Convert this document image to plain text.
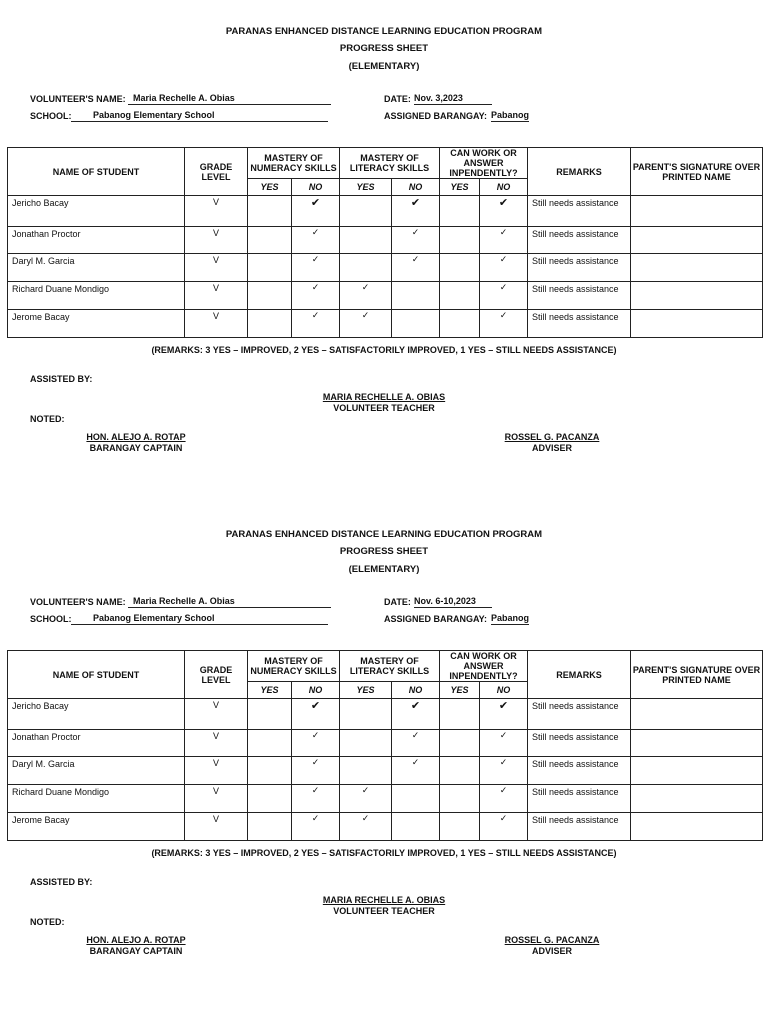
PARANAS ENHANCED DISTANCE LEARNING EDUCATION PROGRAM
PROGRESS SHEET
(ELEMENTARY)
VOLUNTEER'S NAME: Maria Rechelle A. Obias
SCHOOL:	Pabanog Elementary School
DATE: Nov. 3,2023
ASSIGNED BARANGAY: Pabanog
NAME OF STUDENT	GRADE LEVEL	MASTERY OF NUMERACY SKILLS		MASTERY OF LITERACY SKILLS		CAN WORK OR ANSWER INPENDENTLY?		REMARKS	PARENT'S SIGNATURE OVER PRINTED NAME
		YES	NO	YES	NO	YES	NO		
Jericho Bacay	V		✔		✔		✔	Still needs assistance	
Jonathan Proctor	V		✓		✓		✓	Still needs assistance	
Daryl M. Garcia	V		✓		✓		✓	Still needs assistance	
Richard Duane Mondigo	V		✓	✓			✓	Still needs assistance	
Jerome Bacay	V		✓	✓			✓	Still needs assistance	
(REMARKS: 3 YES – IMPROVED, 2 YES – SATISFACTORILY IMPROVED, 1 YES – STILL NEEDS ASSISTANCE)
ASSISTED BY:
MARIA RECHELLE A. OBIAS
VOLUNTEER TEACHER
NOTED:
HON. ALEJO A. ROTAP
BARANGAY CAPTAIN
ROSSEL G. PACANZA
ADVISER
PARANAS ENHANCED DISTANCE LEARNING EDUCATION PROGRAM
PROGRESS SHEET
(ELEMENTARY)
VOLUNTEER'S NAME: Maria Rechelle A. Obias
SCHOOL:	Pabanog Elementary School
DATE: Nov. 6-10,2023
ASSIGNED BARANGAY: Pabanog
NAME OF STUDENT	GRADE LEVEL	MASTERY OF NUMERACY SKILLS		MASTERY OF LITERACY SKILLS		CAN WORK OR ANSWER INPENDENTLY?		REMARKS	PARENT'S SIGNATURE OVER PRINTED NAME
		YES	NO	YES	NO	YES	NO		
Jericho Bacay	V		✔		✔		✔	Still needs assistance	
Jonathan Proctor	V		✓		✓		✓	Still needs assistance	
Daryl M. Garcia	V		✓		✓		✓	Still needs assistance	
Richard Duane Mondigo	V		✓	✓			✓	Still needs assistance	
Jerome Bacay	V		✓	✓			✓	Still needs assistance	
(REMARKS: 3 YES – IMPROVED, 2 YES – SATISFACTORILY IMPROVED, 1 YES – STILL NEEDS ASSISTANCE)
ASSISTED BY:
MARIA RECHELLE A. OBIAS
VOLUNTEER TEACHER
NOTED:
HON. ALEJO A. ROTAP
BARANGAY CAPTAIN
ROSSEL G. PACANZA
ADVISER
